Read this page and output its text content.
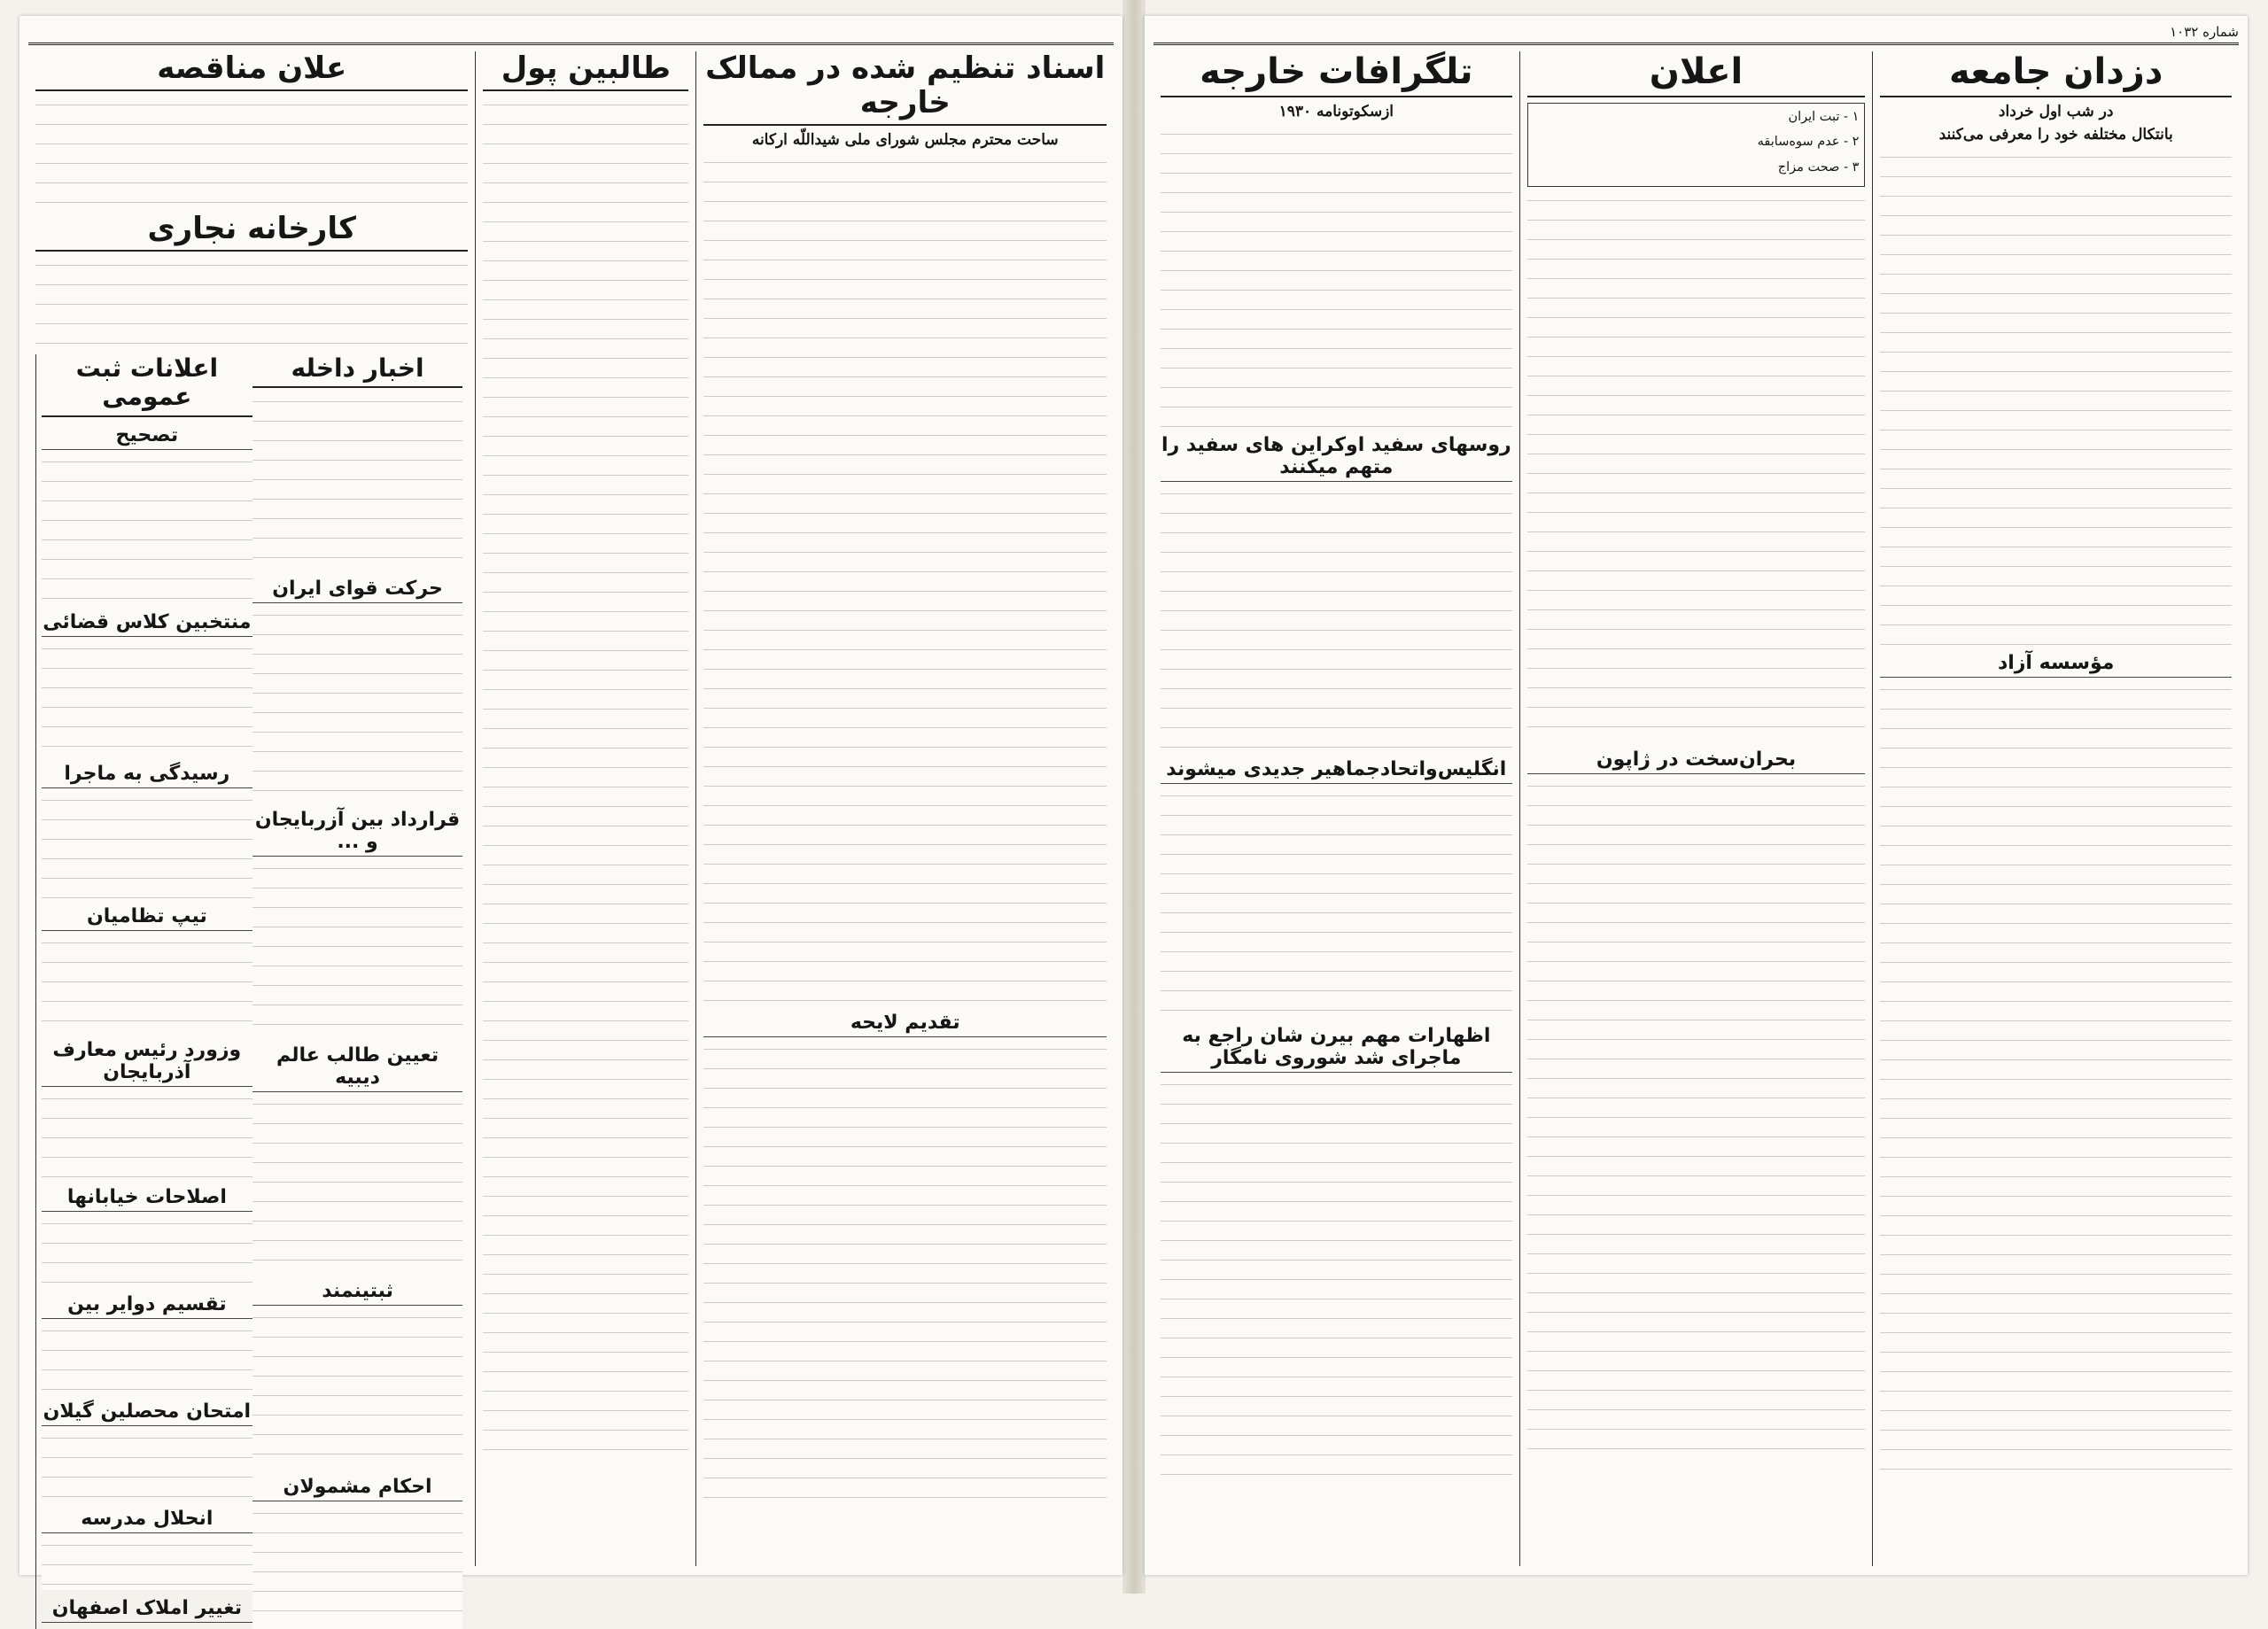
شماره ۱۰۳۲
دزدان جامعه
در شب اول خرداد
بانتکال مختلفه خود را معرفی می‌کنند
مؤسسه آزاد
اعلان
۱ - تبت ایران
۲ - عدم سوه‌سابقه
۳ - صحت مزاج
بحران‌سخت در ژاپون
تلگرافات خارجه
ازسکوتونامه ۱۹۳۰
روسهای سفید اوکراین های سفید را متهم میکنند
انگلیس‌واتحادجماهیر جدیدی میشوند
اظهارات مهم بیرن شان راجع به ماجرای شد شوروی نامگار
اسناد تنظیم شده در ممالک خارجه
ساحت محترم مجلس شورای ملی شیداللّه ارکانه
تقدیم لایحه
طالبین پول
علان مناقصه
کارخانه نجاری
اعلانات ثبت عمومی
تصحیح
منتخبین کلاس قضائی
رسیدگی به ماجرا
تیپ تظامیان
وزورد رئیس معارف آذربایجان
اصلاحات خیابانها
تقسیم دوایر بین
امتحان محصلین گیلان
انحلال مدرسه
تغییر املاک اصفهان
اخبار داخله
حرکت قوای ایران
قرارداد بین آزربایجان و ...
تعیین طالب عالم دیبیه
ثبتینمند
احکام مشمولان
